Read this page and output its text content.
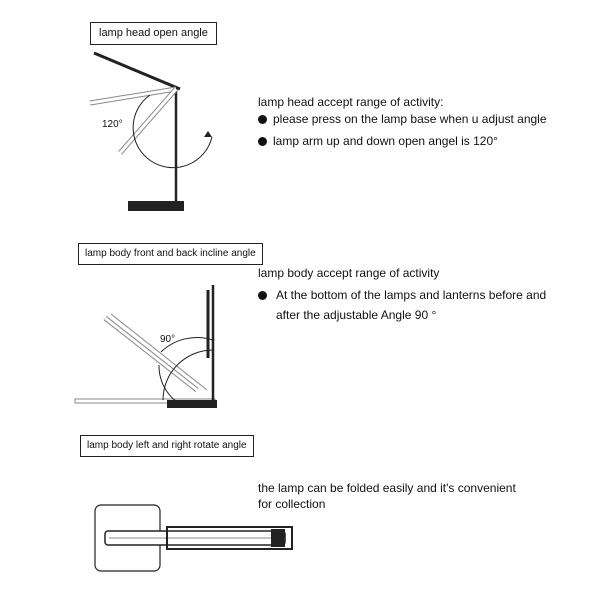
lamp head open angle
120°
lamp head accept range of activity:
please press on the lamp base when u adjust angle
lamp arm up and down open angel is 120°
lamp body front and back incline angle
90°
lamp body accept range of activity
At the bottom of the lamps and lanterns before and
after the adjustable Angle 90 °
lamp body left and right rotate angle
the lamp can be folded easily and it's convenient
for collection
